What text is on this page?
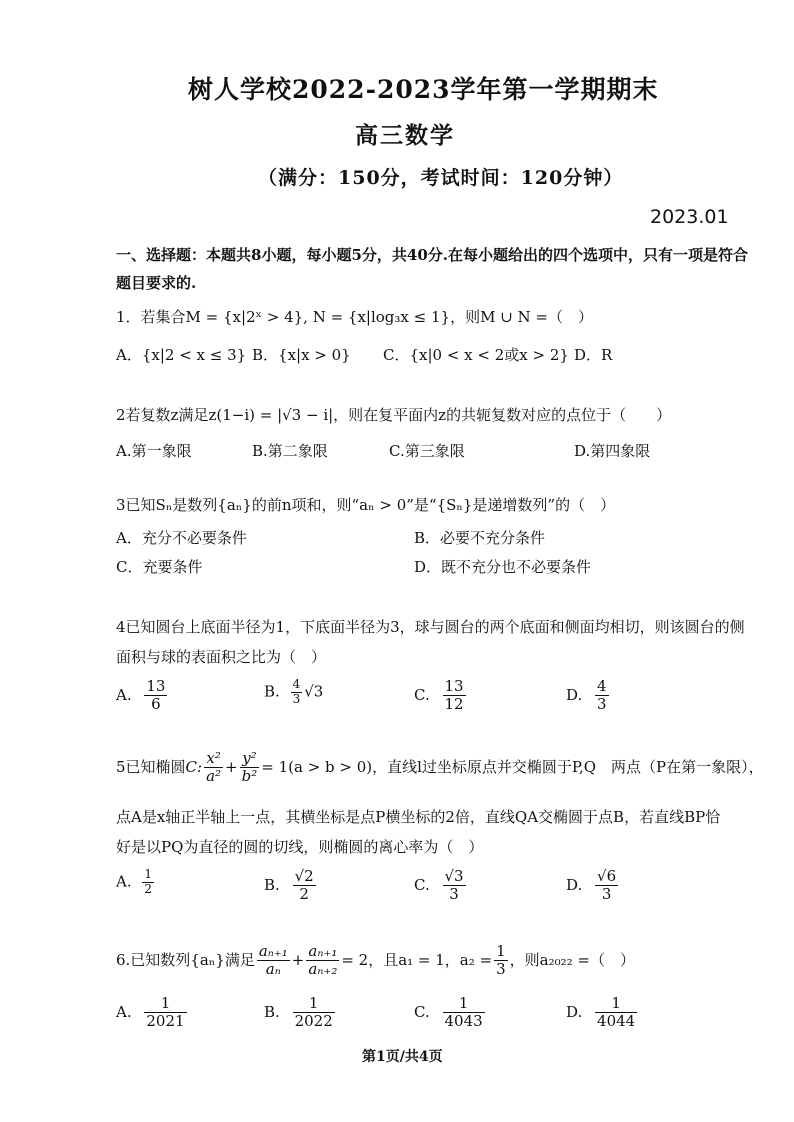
树人学校2022-2023学年第一学期期末
高三数学
（满分：150分，考试时间：120分钟）
2023.01
一、选择题：本题共8小题，每小题5分，共40分.在每小题给出的四个选项中，只有一项是符合
题目要求的.
1．若集合M = {x|2ˣ > 4}, N = {x|log₃x ≤ 1}，则M ∪ N =（　）
A．{x|2 < x ≤ 3} B．{x|x > 0} C．{x|0 < x < 2或x > 2} D．R
2若复数z满足z(1−i) = |√3 − i|，则在复平面内z的共轭复数对应的点位于（　　）
A.第一象限	B.第二象限	C.第三象限	D.第四象限
3已知Sₙ是数列{aₙ}的前n项和，则“aₙ > 0”是“{Sₙ}是递增数列”的（　）
A．充分不必要条件	B．必要不充分条件
C．充要条件	D．既不充分也不必要条件
4已知圆台上底面半径为1，下底面半径为3，球与圆台的两个底面和侧面均相切，则该圆台的侧
面积与球的表面积之比为（　）
A. $\frac{13}{6}$	B. $\frac{4}{3} √3$	C. $\frac{13}{12}$	D. $\frac{4}{3}$
5已知椭圆C: $\frac{\text{x²}}{\text{a²}} + \frac{\text{y²}}{\text{b²}} = 1(a > b > 0)$，直线l过坐标原点并交椭圆于P,Q　两点（P在第一象限），
点A是x轴正半轴上一点，其横坐标是点P横坐标的2倍，直线QA交椭圆于点B，若直线BP恰
好是以PQ为直径的圆的切线，则椭圆的离心率为（　）
A. $\frac{1}{2}$	B. $\frac{√2}{2}$	C. $\frac{√3}{3}$	D. $\frac{√6}{3}$
6.已知数列{aₙ}满足 $\frac{\text{aₙ₊₁}}{\text{aₙ}} + \frac{\text{aₙ₊₁}}{\text{aₙ₊₂}} = 2$，且a₁ = 1，$a_2 = \frac{1}{3}$ ，则a₂₀₂₂ =（　）
A. $\frac{1}{2021}$	B. $\frac{1}{2022}$	C. $\frac{1}{4043}$	D. $\frac{1}{4044}$
第1页/共4页
